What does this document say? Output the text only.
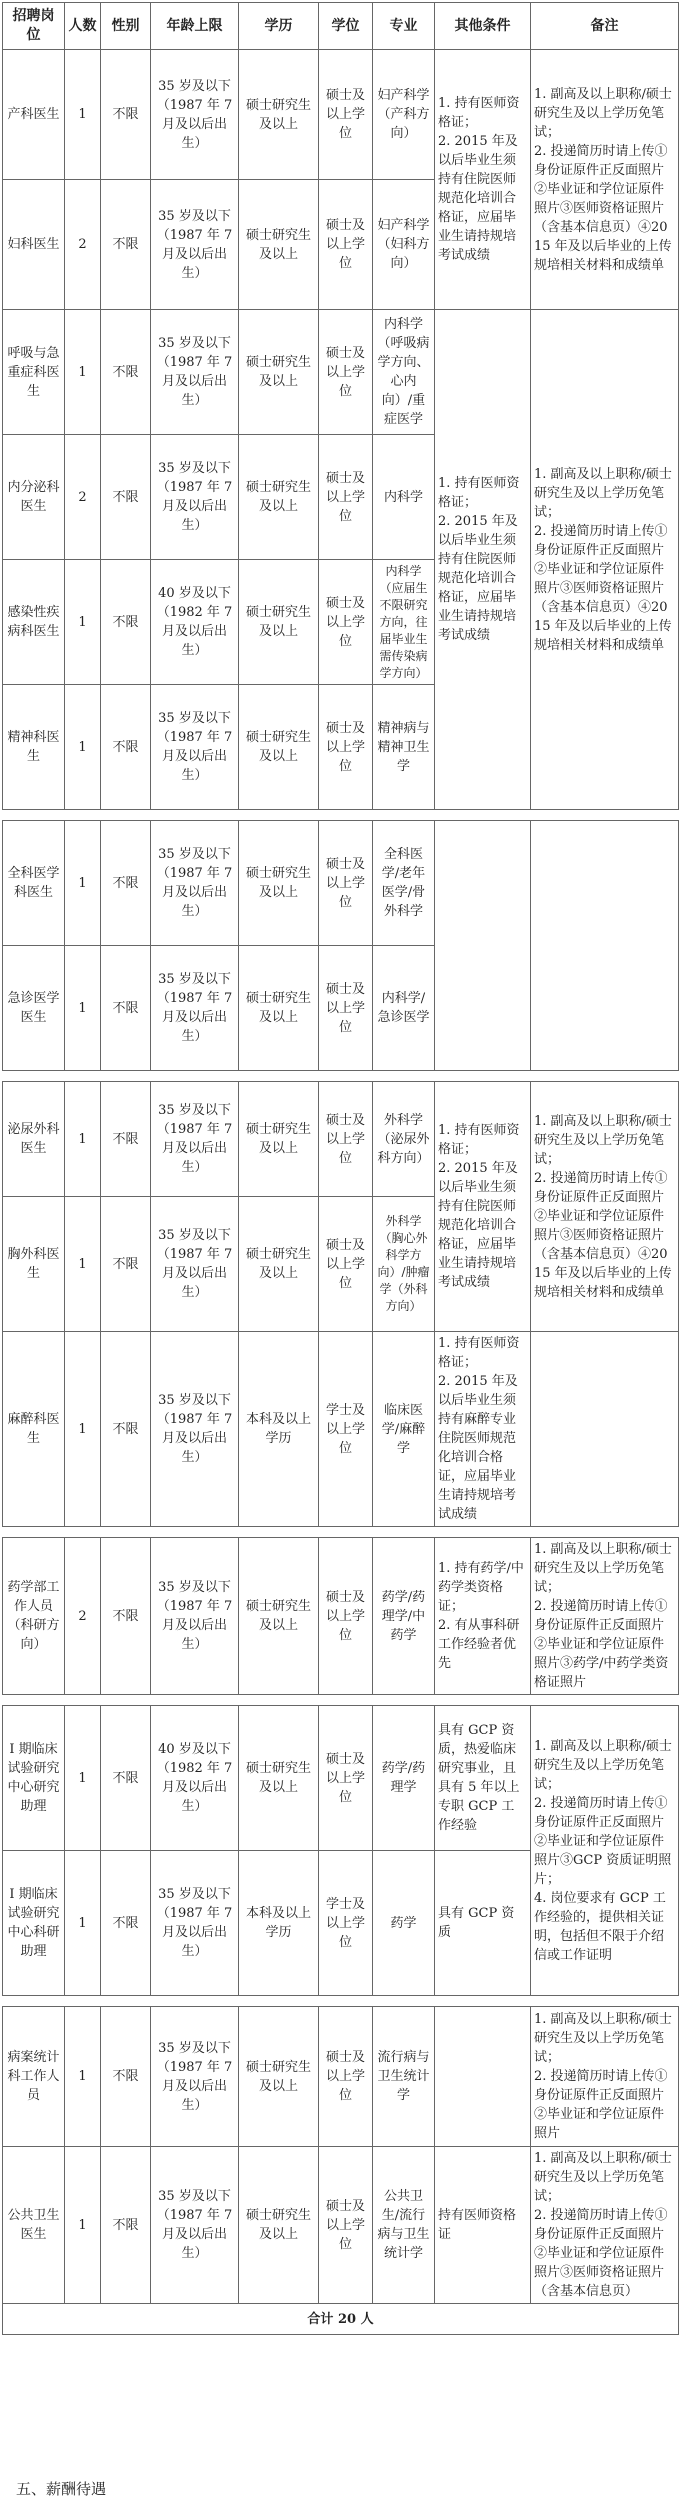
招聘岗位	人数	性别	年龄上限	学历	学位	专业	其他条件	备注
产科医生	1	不限	35 岁及以下（1987 年 7 月及以后出生）	硕士研究生及以上	硕士及以上学位	妇产科学（产科方向）	1. 持有医师资格证；
2. 2015 年及以后毕业生须持有住院医师规范化培训合格证，应届毕业生请持规培考试成绩	1. 副高及以上职称/硕士研究生及以上学历免笔试；
2. 投递简历时请上传①身份证原件正反面照片②毕业证和学位证原件照片③医师资格证照片（含基本信息页）④2015 年及以后毕业的上传规培相关材料和成绩单
妇科医生	2	不限	35 岁及以下（1987 年 7 月及以后出生）	硕士研究生及以上	硕士及以上学位	妇产科学（妇科方向）		
呼吸与急重症科医生	1	不限	35 岁及以下（1987 年 7 月及以后出生）	硕士研究生及以上	硕士及以上学位	内科学（呼吸病学方向、心内向）/重症医学	1. 持有医师资格证；
2. 2015 年及以后毕业生须持有住院医师规范化培训合格证，应届毕业生请持规培考试成绩	1. 副高及以上职称/硕士研究生及以上学历免笔试；
2. 投递简历时请上传①身份证原件正反面照片②毕业证和学位证原件照片③医师资格证照片（含基本信息页）④2015 年及以后毕业的上传规培相关材料和成绩单
内分泌科医生	2	不限	35 岁及以下（1987 年 7 月及以后出生）	硕士研究生及以上	硕士及以上学位	内科学		
感染性疾病科医生	1	不限	40 岁及以下（1982 年 7 月及以后出生）	硕士研究生及以上	硕士及以上学位	内科学（应届生不限研究方向，往届毕业生需传染病学方向）		
精神科医生	1	不限	35 岁及以下（1987 年 7 月及以后出生）	硕士研究生及以上	硕士及以上学位	精神病与精神卫生学		

全科医学科医生	1	不限	35 岁及以下（1987 年 7 月及以后出生）	硕士研究生及以上	硕士及以上学位	全科医学/老年医学/骨外科学		
急诊医学医生	1	不限	35 岁及以下（1987 年 7 月及以后出生）	硕士研究生及以上	硕士及以上学位	内科学/急诊医学		

泌尿外科医生	1	不限	35 岁及以下（1987 年 7 月及以后出生）	硕士研究生及以上	硕士及以上学位	外科学（泌尿外科方向）	1. 持有医师资格证；
2. 2015 年及以后毕业生须持有住院医师规范化培训合格证，应届毕业生请持规培考试成绩	1. 副高及以上职称/硕士研究生及以上学历免笔试；
2. 投递简历时请上传①身份证原件正反面照片②毕业证和学位证原件照片③医师资格证照片（含基本信息页）④2015 年及以后毕业的上传规培相关材料和成绩单
胸外科医生	1	不限	35 岁及以下（1987 年 7 月及以后出生）	硕士研究生及以上	硕士及以上学位	外科学（胸心外科学方向）/肿瘤学（外科方向）		
麻醉科医生	1	不限	35 岁及以下（1987 年 7 月及以后出生）	本科及以上学历	学士及以上学位	临床医学/麻醉学	1. 持有医师资格证；
2. 2015 年及以后毕业生须持有麻醉专业住院医师规范化培训合格证，应届毕业生请持规培考试成绩	

药学部工作人员（科研方向）	2	不限	35 岁及以下（1987 年 7 月及以后出生）	硕士研究生及以上	硕士及以上学位	药学/药理学/中药学	1. 持有药学/中药学类资格证；
2. 有从事科研工作经验者优先	1. 副高及以上职称/硕士研究生及以上学历免笔试；
2. 投递简历时请上传①身份证原件正反面照片②毕业证和学位证原件照片③药学/中药学类资格证照片

I 期临床试验研究中心研究助理	1	不限	40 岁及以下（1982 年 7 月及以后出生）	硕士研究生及以上	硕士及以上学位	药学/药理学	具有 GCP 资质，热爱临床研究事业，且具有 5 年以上专职 GCP 工作经验	1. 副高及以上职称/硕士研究生及以上学历免笔试；
2. 投递简历时请上传①身份证原件正反面照片②毕业证和学位证原件照片③GCP 资质证明照片；
4. 岗位要求有 GCP 工作经验的，提供相关证明，包括但不限于介绍信或工作证明
I 期临床试验研究中心科研助理	1	不限	35 岁及以下（1987 年 7 月及以后出生）	本科及以上学历	学士及以上学位	药学	具有 GCP 资质	

病案统计科工作人员	1	不限	35 岁及以下（1987 年 7 月及以后出生）	硕士研究生及以上	硕士及以上学位	流行病与卫生统计学		1. 副高及以上职称/硕士研究生及以上学历免笔试；
2. 投递简历时请上传①身份证原件正反面照片②毕业证和学位证原件照片
公共卫生医生	1	不限	35 岁及以下（1987 年 7 月及以后出生）	硕士研究生及以上	硕士及以上学位	公共卫生/流行病与卫生统计学	持有医师资格证	1. 副高及以上职称/硕士研究生及以上学历免笔试；
2. 投递简历时请上传①身份证原件正反面照片②毕业证和学位证原件照片③医师资格证照片（含基本信息页）
合计 20 人								
五、薪酬待遇
